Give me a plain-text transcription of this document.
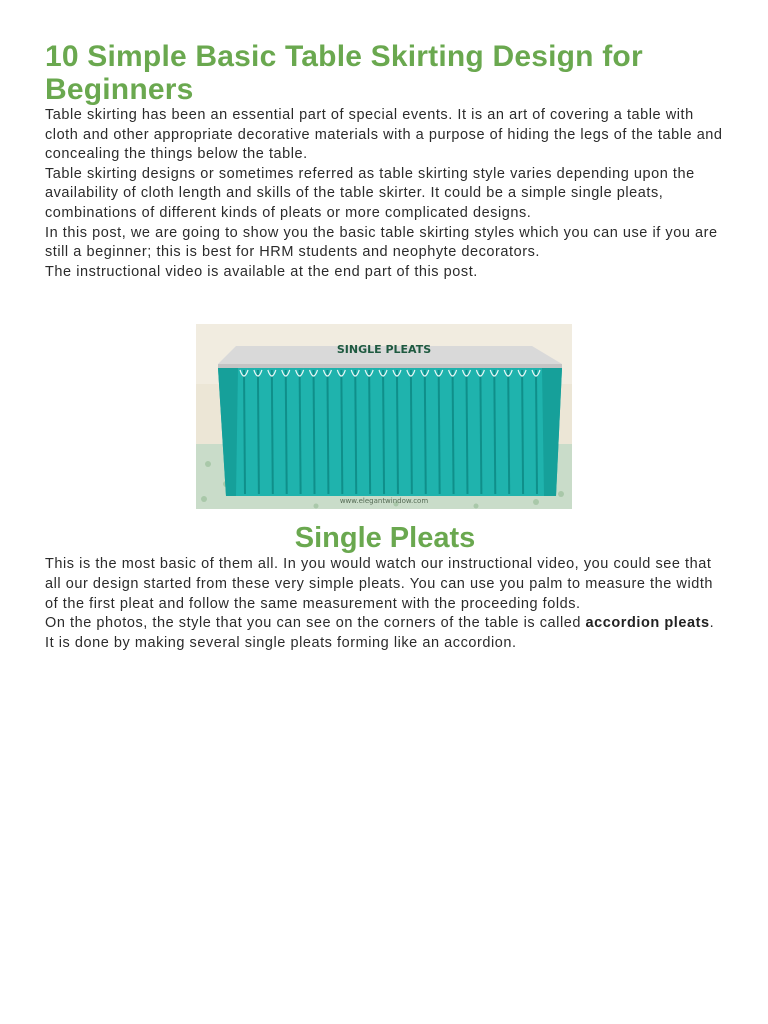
10 Simple Basic Table Skirting Design for Beginners

Table skirting has been an essential part of special events. It is an art of covering a table with cloth and other appropriate decorative materials with a purpose of hiding the legs of the table and concealing the things below the table.

Table skirting designs or sometimes referred as table skirting style varies depending upon the availability of cloth length and skills of the table skirter. It could be a simple single pleats, combinations of different kinds of pleats or more complicated designs.

In this post, we are going to show you the basic table skirting styles which you can use if you are still a beginner; this is best for HRM students and neophyte decorators.

The instructional video is available at the end part of this post.

SINGLE PLEATS
www.elegantwindow.com
Single Pleats

This is the most basic of them all. In you would watch our instructional video, you could see that all our design started from these very simple pleats. You can use you palm to measure the width of the first pleat and follow the same measurement with the proceeding folds.

On the photos, the style that you can see on the corners of the table is called accordion pleats. It is done by making several single pleats forming like an accordion.
